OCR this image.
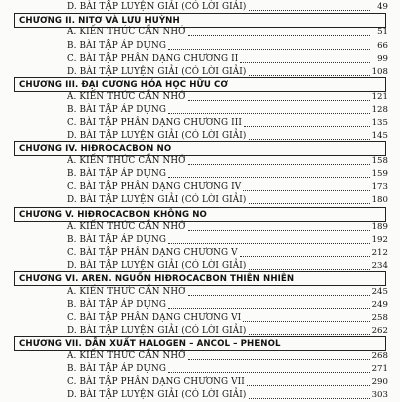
D. BÀI TẬP LUYỆN GIẢI (CÓ LỜI GIẢI)	49
CHƯƠNG II. NITƠ VÀ LƯU HUỲNH
A. KIẾN THỨC CẦN NHỚ	51
B. BÀI TẬP ÁP DỤNG	66
C. BÀI TẬP PHÂN DẠNG CHƯƠNG II	99
D. BÀI TẬP LUYỆN GIẢI (CÓ LỜI GIẢI)	108
CHƯƠNG III. ĐẠI CƯƠNG HÓA HỌC HỮU CƠ
A. KIẾN THỨC CẦN NHỚ	121
B. BÀI TẬP ÁP DỤNG	128
C. BÀI TẬP PHÂN DẠNG CHƯƠNG III	135
D. BÀI TẬP LUYỆN GIẢI (CÓ LỜI GIẢI)	145
CHƯƠNG IV. HIĐROCACBON NO
A. KIẾN THỨC CẦN NHỚ	158
B. BÀI TẬP ÁP DỤNG	159
C. BÀI TẬP PHÂN DẠNG CHƯƠNG IV	173
D. BÀI TẬP LUYỆN GIẢI (CÓ LỜI GIẢI)	180
CHƯƠNG V. HIĐROCACBON KHÔNG NO
A. KIẾN THỨC CẦN NHỚ	189
B. BÀI TẬP ÁP DỤNG	192
C. BÀI TẬP PHÂN DẠNG CHƯƠNG V	212
D. BÀI TẬP LUYỆN GIẢI (CÓ LỜI GIẢI)	234
CHƯƠNG VI. AREN. NGUỒN HIĐROCACBON THIÊN NHIÊN
A. KIẾN THỨC CẦN NHỚ	245
B. BÀI TẬP ÁP DỤNG	249
C. BÀI TẬP PHÂN DẠNG CHƯƠNG VI	258
D. BÀI TẬP LUYỆN GIẢI (CÓ LỜI GIẢI)	262
CHƯƠNG VII. DẪN XUẤT HALOGEN – ANCOL – PHENOL
A. KIẾN THỨC CẦN NHỚ	268
B. BÀI TẬP ÁP DỤNG	271
C. BÀI TẬP PHÂN DẠNG CHƯƠNG VII	290
D. BÀI TẬP LUYỆN GIẢI (CÓ LỜI GIẢI)	303
